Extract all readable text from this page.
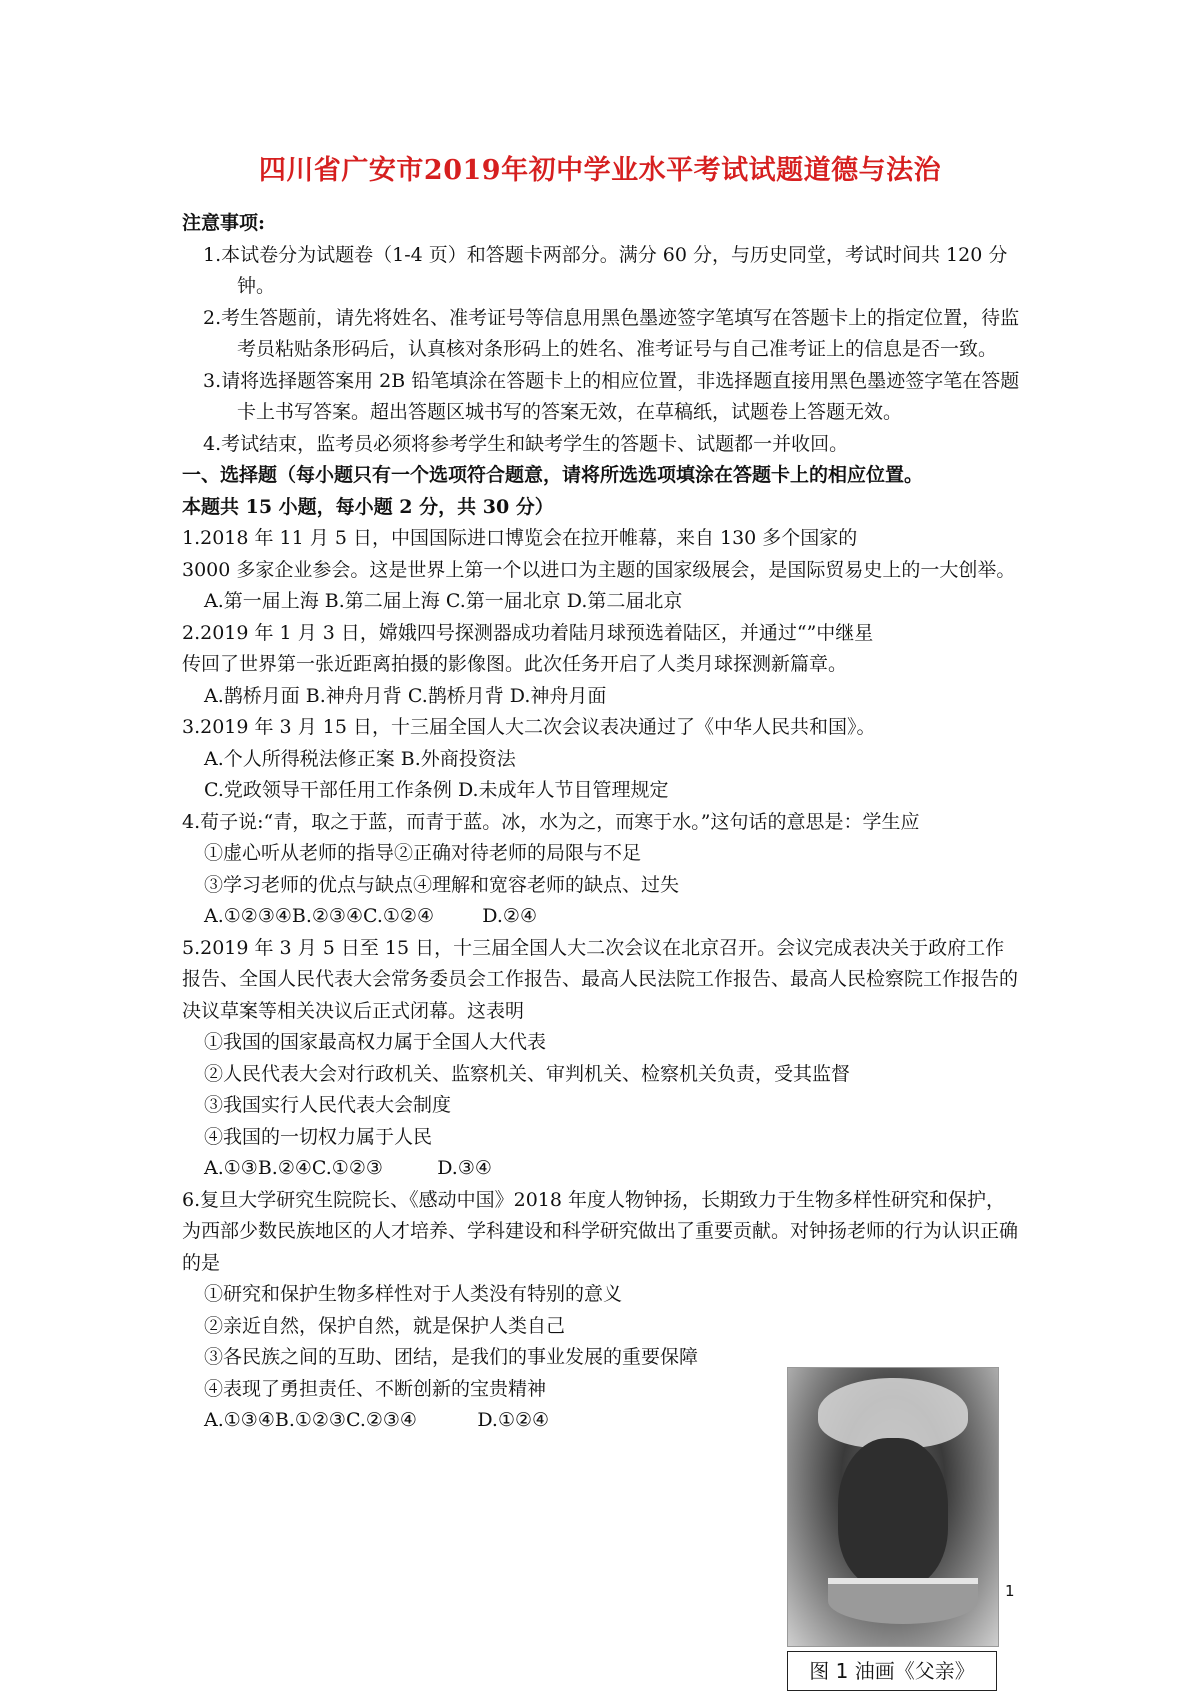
四川省广安市2019年初中学业水平考试试题道德与法治

注意事项:

1.本试卷分为试题卷（1-4 页）和答题卡两部分。满分 60 分，与历史同堂，考试时间共 120 分钟。

2.考生答题前，请先将姓名、准考证号等信息用黑色墨迹签字笔填写在答题卡上的指定位置，待监考员粘贴条形码后，认真核对条形码上的姓名、准考证号与自己准考证上的信息是否一致。

3.请将选择题答案用 2B 铅笔填涂在答题卡上的相应位置，非选择题直接用黑色墨迹签字笔在答题卡上书写答案。超出答题区城书写的答案无效，在草稿纸，试题卷上答题无效。

4.考试结束，监考员必须将参考学生和缺考学生的答题卡、试题都一并收回。

一、选择题（每小题只有一个选项符合题意，请将所选选项填涂在答题卡上的相应位置。

本题共 15 小题，每小题 2 分，共 30 分）

1.2018 年 11 月 5 日，中国国际进口博览会在拉开帷幕，来自 130 多个国家的

3000 多家企业参会。这是世界上第一个以进口为主题的国家级展会，是国际贸易史上的一大创举。

A.第一届上海 B.第二届上海 C.第一届北京 D.第二届北京

2.2019 年 1 月 3 日，嫦娥四号探测器成功着陆月球预选着陆区，并通过“”中继星

传回了世界第一张近距离拍摄的影像图。此次任务开启了人类月球探测新篇章。

A.鹊桥月面 B.神舟月背 C.鹊桥月背 D.神舟月面

3.2019 年 3 月 15 日，十三届全国人大二次会议表决通过了《中华人民共和国》。

A.个人所得税法修正案 B.外商投资法

C.党政领导干部任用工作条例 D.未成年人节目管理规定

4.荀子说:“青，取之于蓝，而青于蓝。冰，水为之，而寒于水。”这句话的意思是：学生应

①虚心听从老师的指导②正确对待老师的局限与不足

③学习老师的优点与缺点④理解和宽容老师的缺点、过失

A.①②③④B.②③④C.①②④        D.②④

5.2019 年 3 月 5 日至 15 日，十三届全国人大二次会议在北京召开。会议完成表决关于政府工作报告、全国人民代表大会常务委员会工作报告、最高人民法院工作报告、最高人民检察院工作报告的决议草案等相关决议后正式闭幕。这表明

①我国的国家最高权力属于全国人大代表

②人民代表大会对行政机关、监察机关、审判机关、检察机关负责，受其监督

③我国实行人民代表大会制度

④我国的一切权力属于人民

A.①③B.②④C.①②③         D.③④

6.复旦大学研究生院院长、《感动中国》2018 年度人物钟扬，长期致力于生物多样性研究和保护，为西部少数民族地区的人才培养、学科建设和科学研究做出了重要贡献。对钟扬老师的行为认识正确的是

①研究和保护生物多样性对于人类没有特别的意义

②亲近自然，保护自然，就是保护人类自己

③各民族之间的互助、团结，是我们的事业发展的重要保障

④表现了勇担责任、不断创新的宝贵精神

A.①③④B.①②③C.②③④          D.①②④

图 1 油画《父亲》
1
